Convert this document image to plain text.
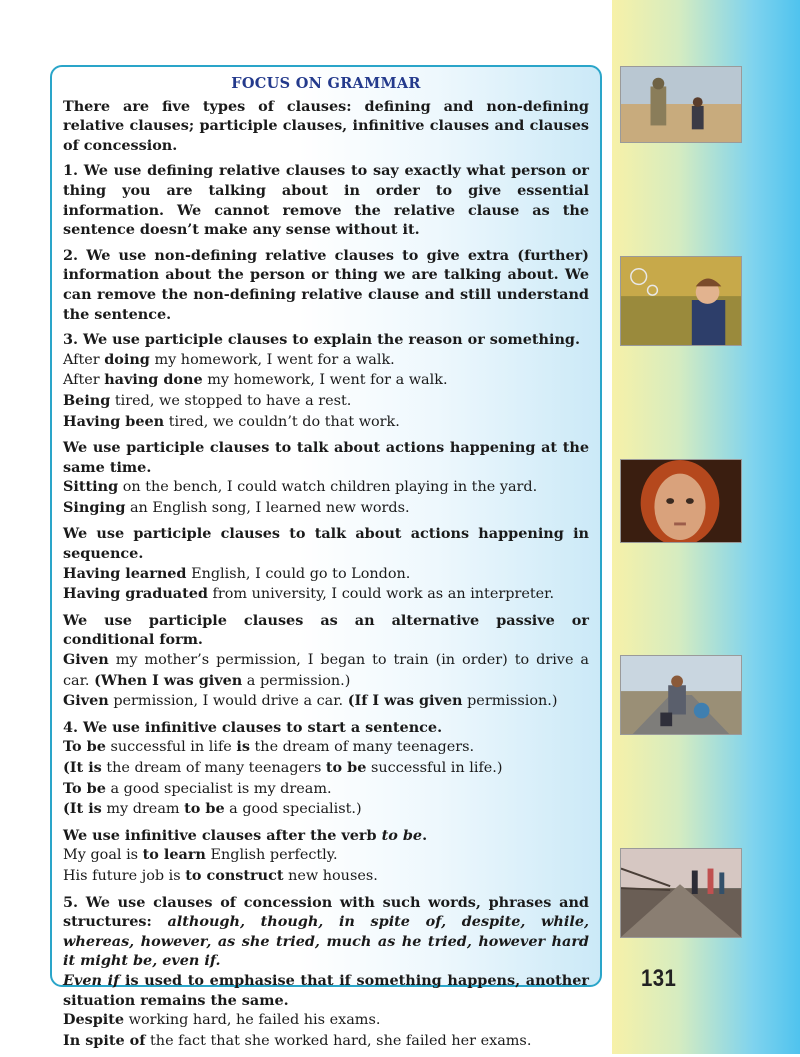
131
FOCUS ON GRAMMAR

There are five types of clauses: defining and non-defining relative clauses; participle clauses, infinitive clauses and clauses of concession.

1. We use defining relative clauses to say exactly what person or thing you are talking about in order to give essential information. We cannot remove the relative clause as the sentence doesn’t make any sense without it.

2. We use non-defining relative clauses to give extra (further) information about the person or thing we are talking about. We can remove the non-defining relative clause and still understand the sentence.

3. We use participle clauses to explain the reason or something.

After doing my homework, I went for a walk.

After having done my homework, I went for a walk.

Being tired, we stopped to have a rest.

Having been tired, we couldn’t do that work.

We use participle clauses to talk about actions happening at the same time.

Sitting on the bench, I could watch children playing in the yard.

Singing an English song, I learned new words.

We use participle clauses to talk about actions happening in sequence.

Having learned English, I could go to London.

Having graduated from university, I could work as an interpreter.

We use participle clauses as an alternative passive or conditional form.

Given my mother’s permission, I began to train (in order) to drive a car. (When I was given a permission.)

Given permission, I would drive a car. (If I was given permission.)

4. We use infinitive clauses to start a sentence.

To be successful in life is the dream of many teenagers.

(It is the dream of many teenagers to be successful in life.)

To be a good specialist is my dream.

(It is my dream to be a good specialist.)

We use infinitive clauses after the verb to be.

My goal is to learn English perfectly.

His future job is to construct new houses.

5. We use clauses of concession with such words, phrases and structures: although, though, in spite of, despite, while, whereas, however, as she tried, much as he tried, however hard it might be, even if.

Even if is used to emphasise that if something happens, another situation remains the same.

Despite working hard, he failed his exams.

In spite of the fact that she worked hard, she failed her exams.
